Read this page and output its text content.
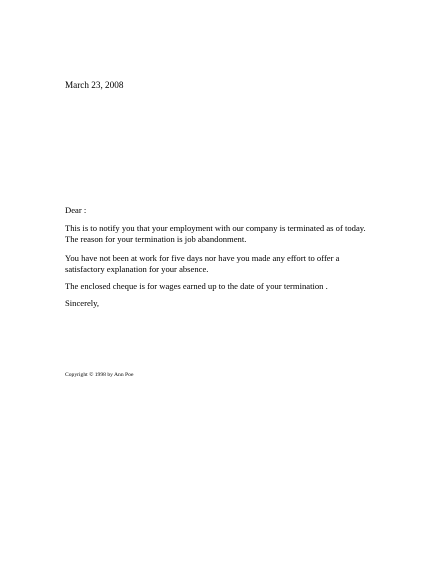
March 23, 2008
Dear :
This is to notify you that your employment with our company is terminated as of today.
The reason for your termination is job abandonment.
You have not been at work for five days nor have you made any effort to offer a
satisfactory explanation for your absence.
The enclosed cheque is for wages earned up to the date of your termination .
Sincerely,
Copyright © 1998 by Ann Poe
